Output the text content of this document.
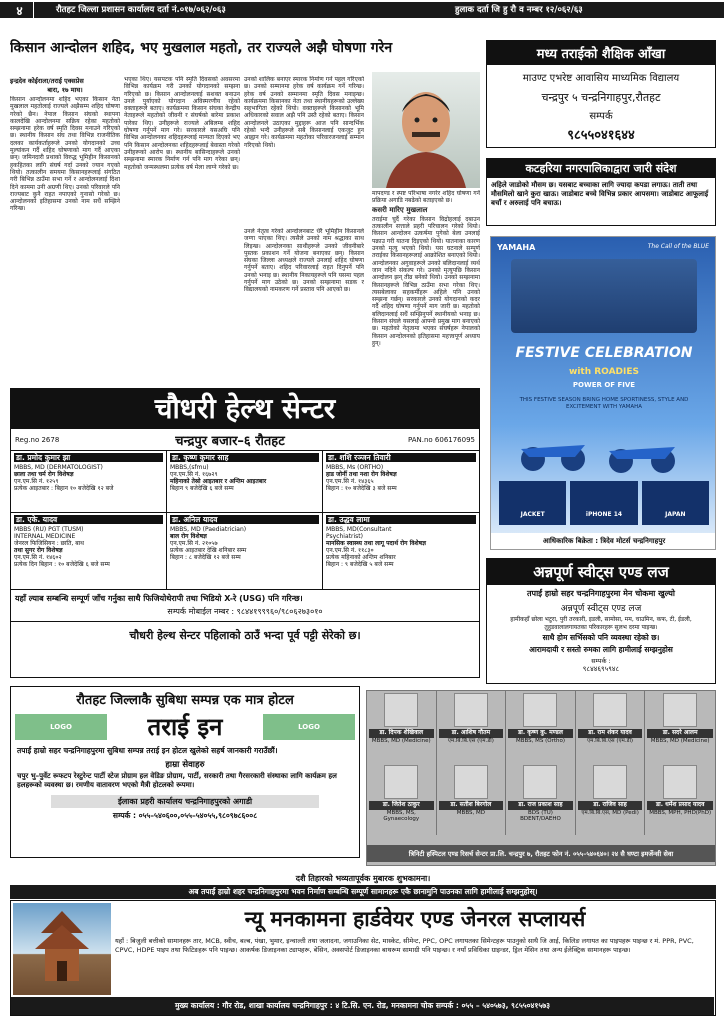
४	रौतहट जिल्ला प्रशासन कार्यालय दर्ता नं.०१७/०६२/०६३	हुलाक दर्ता जि हु रौ व नम्बर १२/०६२/६३
किसान आन्दोलन शहिद, भए मुखलाल महतो, तर राज्यले अझै घोषणा गरेन
इन्द्रदेव कोईराला/तराई एक्सप्रेस
बारा, १७ माघ।
किसान आन्दोलनमा शहिद भएका किसान नेता मुखलाल महतोलाई राज्यले अझैसम्म शहिद घोषणा गरेको छैन। नेपाल किसान संघको स्थापना कालदेखि आन्दोलनमा सक्रिय रहेका महतोको सम्झनामा हरेक वर्ष स्मृति दिवस मनाउने गरिएको छ। स्थानीय किसान संघ तथा विभिन्न राजनीतिक दलका कार्यकर्ताहरूले उनको योगदानको उच्च मूल्यांकन गर्दै शहिद घोषणाको माग गर्दै आएका छन्। जमिनदारी प्रथाको विरुद्ध भूमिहीन किसानको हकहितका लागि संघर्ष गर्दा उनको ज्यान गएको थियो। तत्कालीन समयमा किसानहरूलाई संगठित गरी बिभिन्न ठाउँमा सभा गर्ने र आन्दोलनलाई दिशा दिने काममा उनी अग्रणी थिए। उनको परिवारले पनि राज्यबाट कुनै राहत नपाएको गुनासो गरेको छ। आन्दोलनको इतिहासमा उनको नाम सधैं सम्झिने गरिन्छ।
भएका थिए। यसपटक पनि स्मृति दिवसको अवसरमा विभिन्न कार्यक्रम गरी उनको योगदानको सम्झना गरिएको छ। किसान आन्दोलनलाई सशक्त बनाउन उनले पुर्याएको योगदान अविस्मरणीय रहेको वक्ताहरूले बताए। कार्यक्रममा किसान संघका केन्द्रीय नेताहरूले महतोको जीवनी र संघर्षको बारेमा प्रकाश पारेका थिए। उनीहरूले राज्यले अबिलम्ब शहिद घोषणा गर्नुपर्ने माग गरे। सरकारले यसअघि पनि विभिन्न आन्दोलनका शहिदहरूलाई मान्यता दिएको भए पनि किसान आन्दोलनका शहिदहरूलाई बेवास्ता गरेको उनीहरूको आरोप छ। स्थानीय बासिन्दाहरूले उनको सम्झनामा स्मारक निर्माण गर्न पनि माग गरेका छन्। महतोको जन्मस्थलमा प्रत्येक वर्ष मेला लाग्ने गरेको छ।
उनको शालिक बनाएर स्मारक निर्माण गर्न पहल गरिएको छ। उनको सम्मानमा हरेक वर्ष कार्यक्रम गर्ने गरिन्छ। हरेक वर्ष उनको सम्मानमा स्मृति दिवस मनाइन्छ। कार्यक्रममा किसानका नेता तथा स्थानीयहरूको उल्लेख्य सहभागिता रहेको थियो। वक्ताहरूले किसानको भूमि अधिकारको सवाल अझै पनि उस्तै रहेको बताए। किसान आन्दोलनले उठाएका मुद्दाहरू आज पनि सान्दर्भिक रहेको भन्दै उनीहरूले सबै किसानलाई एकजुट हुन आह्वान गरे। कार्यक्रममा महतोका परिवारजनलाई सम्मान गरिएको थियो।
मापदण्ड र स्पष्ट परिभाषा नगरेर शहिद घोषणा गर्ने प्रक्रिया अगाडि नबढेको बताइएको छ।
कसरी मारिए मुखलाल
तराईमा चुर्दै गरेका किसान विद्रोहलाई दबाउन तत्कालीन सत्ताले प्रहरी परिचालन गरेको थियो। किसान आन्दोलन उत्कर्षमा पुगेको बेला उनलाई पक्राउ गरी यातना दिइएको थियो। यातनाका कारण उनको मृत्यु भएको थियो। यस घटनाले सम्पूर्ण तराईका किसानहरूलाई आक्रोशित बनाएको थियो। आन्दोलनका अगुवाहरूले उनको बलिदानलाई व्यर्थ जान नदिने संकल्प गरे। उनको मृत्युपछि किसान आन्दोलन झन् तीव्र बनेको थियो। उनको सम्झनामा किसानहरूले विभिन्न ठाउँमा सभा गरेका थिए। त्यसबेलाका सहकर्मीहरू अहिले पनि उनको सम्झना गर्छन्। सरकारले उनको योगदानको कदर गर्दै शहिद घोषणा गर्नुपर्ने माग जारी छ। महतोको बलिदानलाई सधैं सम्झिनुपर्ने स्थानीयको भनाइ छ। किसान संघले यसलाई आफ्नो प्रमुख माग बनाएको छ। महतोको नेतृत्वमा भएका संघर्षहरू नेपालको किसान आन्दोलनको इतिहासमा महत्त्वपूर्ण अध्याय हुन्।
उनले नेतृत्व गरेको आन्दोलनबाट धेरै भूमिहीन किसानले जग्गा पाएका थिए। त्यसैले उनको नाम श्रद्धाका साथ लिइन्छ। आन्दोलनका साथीहरूले उनको जीवनीबारे पुस्तक प्रकाशन गर्ने योजना बनाएका छन्। किसान संघका जिल्ला अध्यक्षले राज्यले उनलाई शहिद घोषणा गर्नुपर्ने बताए। शहिद परिवारलाई राहत दिनुपर्ने पनि उनको भनाइ छ। स्थानीय निकायहरूले पनि यसमा पहल गर्नुपर्ने माग उठेको छ। उनको सम्झनामा सडक र विद्यालयको नामकरण गर्ने प्रस्ताव पनि आएको छ।
मध्य तराईको शैक्षिक आँखा
माउण्ट एभरेष्ट आवासिय माध्यमिक विद्यालय
चन्द्रपुर ५ चन्द्रनिगाहपुर,रौतहट
सम्पर्क
९८५५०४१६४४
कटहरिया नगरपालिकाद्वारा जारी संदेश
अहिले जाडोको मौसम छ। यसबाट बच्चाका लागि ज्यादा कपडा लगाऊ। ताती तथा मौसमिलो खाने कुरा खाऊ। जाडोबाट बच्चे विभिन्न प्रकार आपसमा। जाडोबाट आफूलाई बचाँ र अरुलाई पनि बचाऊ।
YAMAHA	The Call of the BLUE
FESTIVE CELEBRATION
with ROADIES
POWER OF FIVE
THIS FESTIVE SEASON BRING HOME SPORTINESS, STYLE AND EXCITEMENT WITH YAMAHA
JACKET	iPHONE 14	JAPAN
आधिकारिक बिक्रेता : त्रिदेव मोटर्स चन्द्रनिगाहपुर
चौधरी हेल्थ सेन्टर
Reg.no 2678	चन्द्रपुर बजार–६ रौतहट	PAN.no 606176095
डा. प्रमोद कुमार झा
MBBS, MD (DERMATOLOGIST)
छाला तथा चर्म रोग विशेषज्ञ
एन.एम.सि नं. १२५९
प्रत्येक आइतबार : बिहान १० बजेदेखि १२ बजे
डा. कृष्ण कुमार साह
MBBS,(sfmu)
एन.एम.सि नं. १६७२९
महिनाको तेस्रो आइतबार र अन्तिम आइतबार
बिहान ९ बजेदेखि ६ बजे सम्म
डा. शशि रञ्जन तिवारी
MBBS, Ms (ORTHO)
हाड जोर्नी तथा नशा रोग विशेषज्ञ
एन.एम.सि नं. १४३६५
बिहान : १० बजेदेखि ३ बजे सम्म
डा. एके. यादव
MBBS (RU) PGT (TUSM)
INTERNAL MEDICINE
जेनरल फिजिसियन : छाति, बाथ
तथा सुगर रोग विशेषज्ञ
एन.एम.सि नं. १४६०२
प्रत्येक दिन बिहान : १० बजेदेखि ६ बजे सम्म
डा. अनिल यादव
MBBS, MD (Paediatrician)
बाल रोग विशेषज्ञ
एन.एम.सि नं. २१०५७
प्रत्येक आइतबार देखि शनिबार सम्म
बिहान : ८ बजेदेखि १२ बजे सम्म
डा. उद्धव लामा
MBBS, MD(Consultant
Psychiatrist)
मानसिक स्वास्थ्य तथा लागू पदार्थ रोग विशेषज्ञ
एन.एम.सि नं. ११८३०
प्रत्येक महिनाको अन्तिम शनिबार
बिहान : ९ बजेदेखि ५ बजे सम्म
यहाँ ल्याब सम्बन्धि सम्पूर्ण जाँच गर्नुका साथै फिजियोथेरापी तथा भिडियो X-रे (USG) पनि गरिन्छ।
सम्पर्क मोबाईल नम्बर : ९८४४१९९९६०/९८०६२७३०१०
चौधरी हेल्थ सेन्टर पहिलाको ठाउँ भन्दा पूर्व पट्टी सेरेको छ।
अन्नपूर्ण स्वीट्स एण्ड लज
तपाईं हाम्रो सहर चन्द्रनिगाहपुरमा मेन चोकमा खुल्यो
अन्नपूर्ण स्वीट्स एण्ड लज
हामीकहाँ छोला भटुरा, पुरी तरकारी, इडली, सामोसा, मम, चाउमिन, कफ, टी, ईडली, तुहुडवालालगायतका परिकारहरू सुलभ दरमा पाइन्छ।
साथै होम सर्भिसको पनि व्यवस्था रहेको छ।
आरामदायी र सस्तो रुमका लागि हामीलाई सम्झनुहोस
सम्पर्क :
९८४४६९५९४८
रौतहट जिल्लाकै सुबिधा सम्पन्न एक मात्र होटल
LOGO	तराई इन	LOGO
तपाईं हाम्रो सहर चन्द्रनिगाहपुरमा सुबिधा सम्पन्न तराई इन होटल खुलेको सहर्ष जानकारी गराउँछौं।
हाम्रा सेवाहरु
चपुर भु–पुर्वेट रूफटप रेस्टुरेन्ट पार्टी स्टेज प्रोग्राम हल वेडिङ प्रोग्राम, पार्टी, सरकारी तथा गैरसरकारी संस्थाका लागि कार्यक्रम हल हलहरूको व्यवस्था छ। रमणीय वातावरण भएको मैत्री होटलको रूपमा।
ईलाका प्रहरी कार्यालय चन्द्रनिगाहपुरको अगाडी
सम्पर्क : ०५५–५४०६००,०५५–५४०५५,९८०९७८६००८
डा. दिपक शेखिवाल
MBBS, MD (Medicine)
डा. आशिष गौतम
एम.बि.बि.एस (एम.डी)
डा. कृष्ण कु. मण्डल
MBBS, MS (Ortho)
डा. राम शंकर यादव
एम.बि.बि.एस (एम.डी)
डा. सदरे आलम
MBBS, MD (Medicine)
डा. जितेश ठाकुर
MBBS, MS, Gynaecology
डा. सतीश बिरगोल
MBBS, MD
डा. राज प्रकाश साह
BDS (TU) BDENT/DAEHO
डा. राजिव साह
एम.बि.बि.एस, MD (Pedi)
डा. धर्मेश प्रसाद यादव
MBBS, MPH, PHD(PhD)
त्रिनिटी हस्पिटल एण्ड रिसर्च सेन्टर प्रा.लि. चन्द्रपुर ७, रौतहट फोन नं. ०५५–५४०६४०। २४ सै घण्टा इमर्जेन्सी सेवा
दशै तिहारको भव्यतापूर्वक मुबारक शुभकामना।
अब तपाईं हाम्रो शहर चन्द्रनिगाहपुरमा भवन निर्माण सम्बन्धि सम्पूर्ण सामानहरू एकै छानामुनि पाउनका लागि हामीलाई सम्झनुहोस्।
न्यू मनकामना हार्डवेयर एण्ड जेनरल सप्लायर्स
यहाँ : बिजुली बत्तीको सामानहरू तार, MCB, स्वीच, बल्ब, पंखा, भुमार, इन्चाल्ती तथा जलादना, जगाउनिका सेट, मास्केट, सीमेन्ट, PPC, OPC लगायतका सिमेन्टहरू पाउनुको साथै जि आई, किलिङ लगायत का पाइपहरू पाइन्छ र मं. PPR, PVC, CPVC, HDPE पाइप तथा फिटिङहरू पनि पाइन्छ। आकर्षक डिजाइनका ट्यापहरू, बेसिन, अक्सपोर्ट डिजाइनका बाथरूम सामाग्री पनि पाइन्छ। र नयाँ प्रविधिका ग्राइन्डर, ड्रिल मेसिन तथा अन्य ईलेक्ट्रिक सामानहरू पाइन्छ।
मुख्य कार्यालय : गौर रोड, शाखा कार्यालय चन्द्रनिगाहपुर : ४ टि.सि. एन. रोड, मनकामना चोक सम्पर्क : ०५५ – ५४०५७३, ९८५५०४१५७३
